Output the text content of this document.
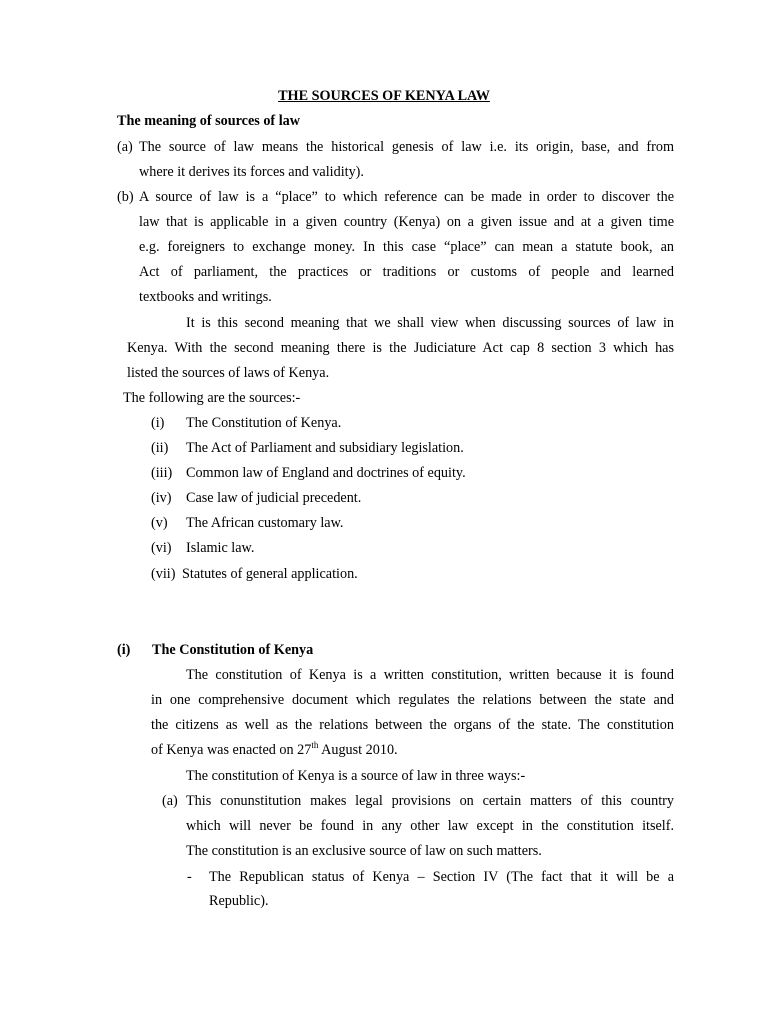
THE SOURCES OF KENYA LAW
The meaning of sources of law
(a) The source of law means the historical genesis of law i.e. its origin, base, and from
where it derives its forces and validity).
(b) A source of law is a “place” to which reference can be made in order to discover the
law that is applicable in a given country (Kenya) on a given issue and at a given time
e.g. foreigners to exchange money. In this case “place” can mean a statute book, an
Act of parliament, the practices or traditions or customs of people and learned
textbooks and writings.
It is this second meaning that we shall view when discussing sources of law in
Kenya. With the second meaning there is the Judiciature Act cap 8 section 3 which has
listed the sources of laws of Kenya.
The following are the sources:-
(i) The Constitution of Kenya.
(ii) The Act of Parliament and subsidiary legislation.
(iii) Common law of England and doctrines of equity.
(iv) Case law of judicial precedent.
(v) The African customary law.
(vi) Islamic law.
(vii) Statutes of general application.
(i) The Constitution of Kenya
The constitution of Kenya is a written constitution, written because it is found
in one comprehensive document which regulates the relations between the state and
the citizens as well as the relations between the organs of the state. The constitution
of Kenya was enacted on 27th August 2010.
The constitution of Kenya is a source of law in three ways:-
(a) This conunstitution makes legal provisions on certain matters of this country
which will never be found in any other law except in the constitution itself.
The constitution is an exclusive source of law on such matters.
- The Republican status of Kenya – Section IV (The fact that it will be a
Republic).
